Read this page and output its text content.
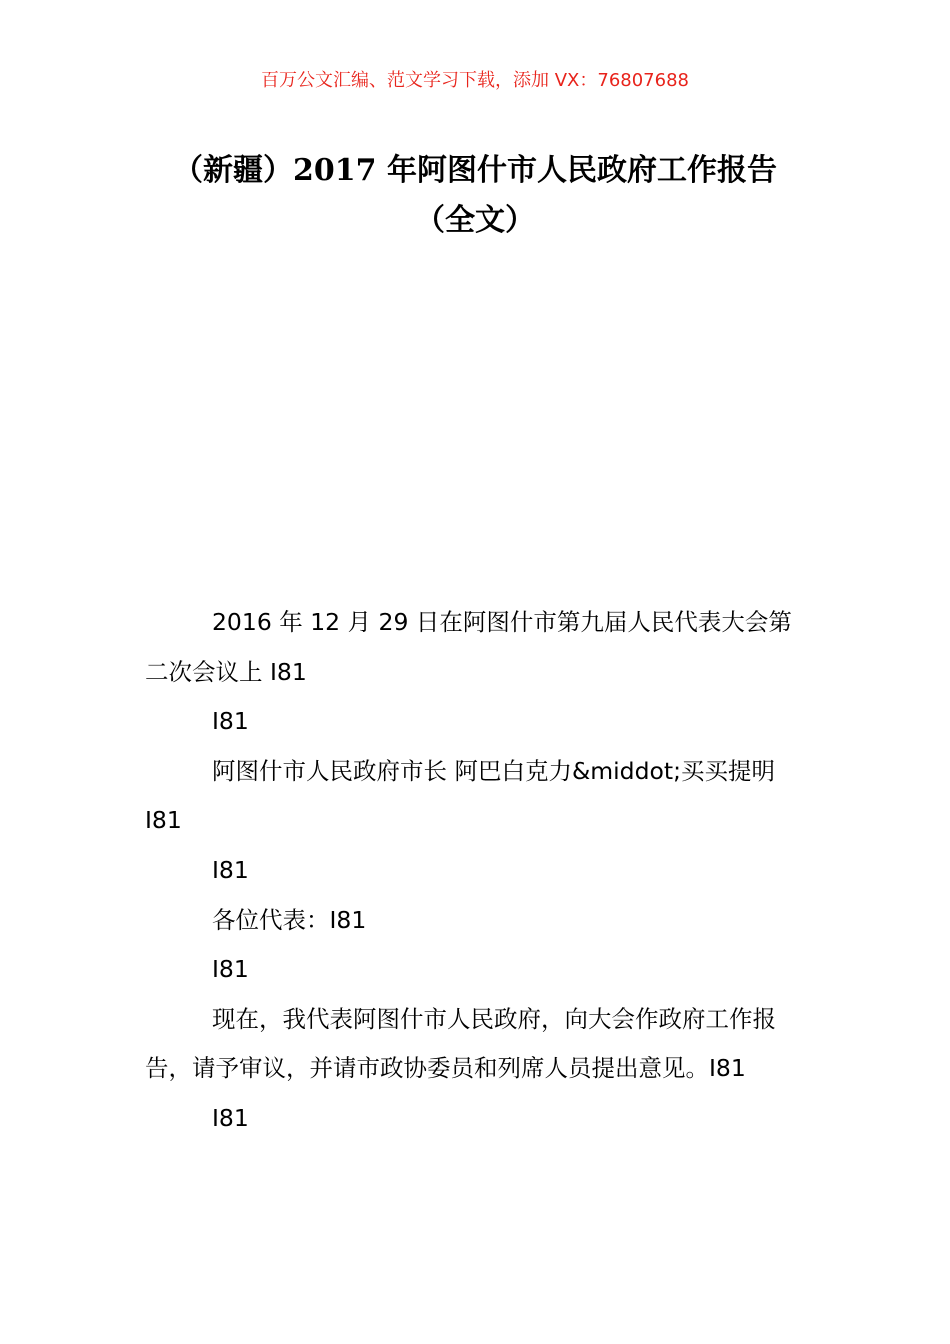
百万公文汇编、范文学习下载，添加 VX：76807688
（新疆）2017 年阿图什市人民政府工作报告（全文）

2016 年 12 月 29 日在阿图什市第九届人民代表大会第二次会议上 I81

I81

阿图什市人民政府市长 阿巴白克力&middot;买买提明 I81

I81

各位代表：I81

I81

现在，我代表阿图什市人民政府，向大会作政府工作报告，请予审议，并请市政协委员和列席人员提出意见。I81

I81
